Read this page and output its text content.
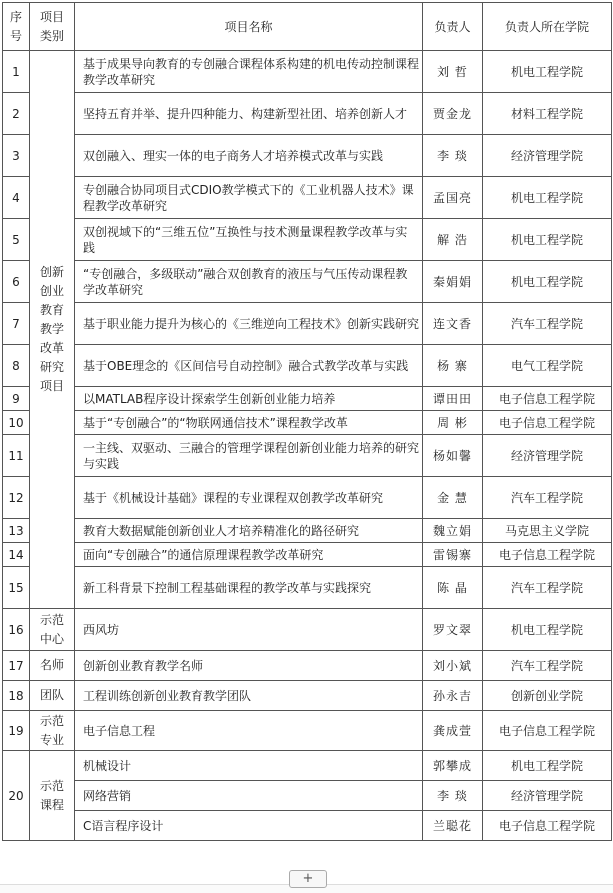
序号	项目类别	项目名称	负责人	负责人所在学院
1	创新创业教育教学改革研究项目	基于成果导向教育的专创融合课程体系构建的机电传动控制课程教学改革研究	刘 哲	机电工程学院
2		坚持五育并举、提升四种能力、构建新型社团、培养创新人才	贾金龙	材料工程学院
3		双创融入、理实一体的电子商务人才培养模式改革与实践	李 琰	经济管理学院
4		专创融合协同项目式CDIO教学模式下的《工业机器人技术》课程教学改革研究	孟国亮	机电工程学院
5		双创视域下的“三维五位”互换性与技术测量课程教学改革与实践	解 浩	机电工程学院
6		“专创融合，多级联动”融合双创教育的液压与气压传动课程教学改革研究	秦娟娟	机电工程学院
7		基于职业能力提升为核心的《三维逆向工程技术》创新实践研究	连文香	汽车工程学院
8		基于OBE理念的《区间信号自动控制》融合式教学改革与实践	杨 寨	电气工程学院
9		以MATLAB程序设计探索学生创新创业能力培养	谭田田	电子信息工程学院
10		基于“专创融合”的“物联网通信技术”课程教学改革	周 彬	电子信息工程学院
11		一主线、双驱动、三融合的管理学课程创新创业能力培养的研究与实践	杨如馨	经济管理学院
12		基于《机械设计基础》课程的专业课程双创教学改革研究	金 慧	汽车工程学院
13		教育大数据赋能创新创业人才培养精准化的路径研究	魏立娟	马克思主义学院
14		面向“专创融合”的通信原理课程教学改革研究	雷锡寨	电子信息工程学院
15		新工科背景下控制工程基础课程的教学改革与实践探究	陈 晶	汽车工程学院
16	示范中心	西风坊	罗文翠	机电工程学院
17	名师	创新创业教育教学名师	刘小斌	汽车工程学院
18	团队	工程训练创新创业教育教学团队	孙永吉	创新创业学院
19	示范专业	电子信息工程	龚成萱	电子信息工程学院
20	示范课程	机械设计	郭攀成	机电工程学院
		网络营销	李 琰	经济管理学院
		C语言程序设计	兰聪花	电子信息工程学院
+
